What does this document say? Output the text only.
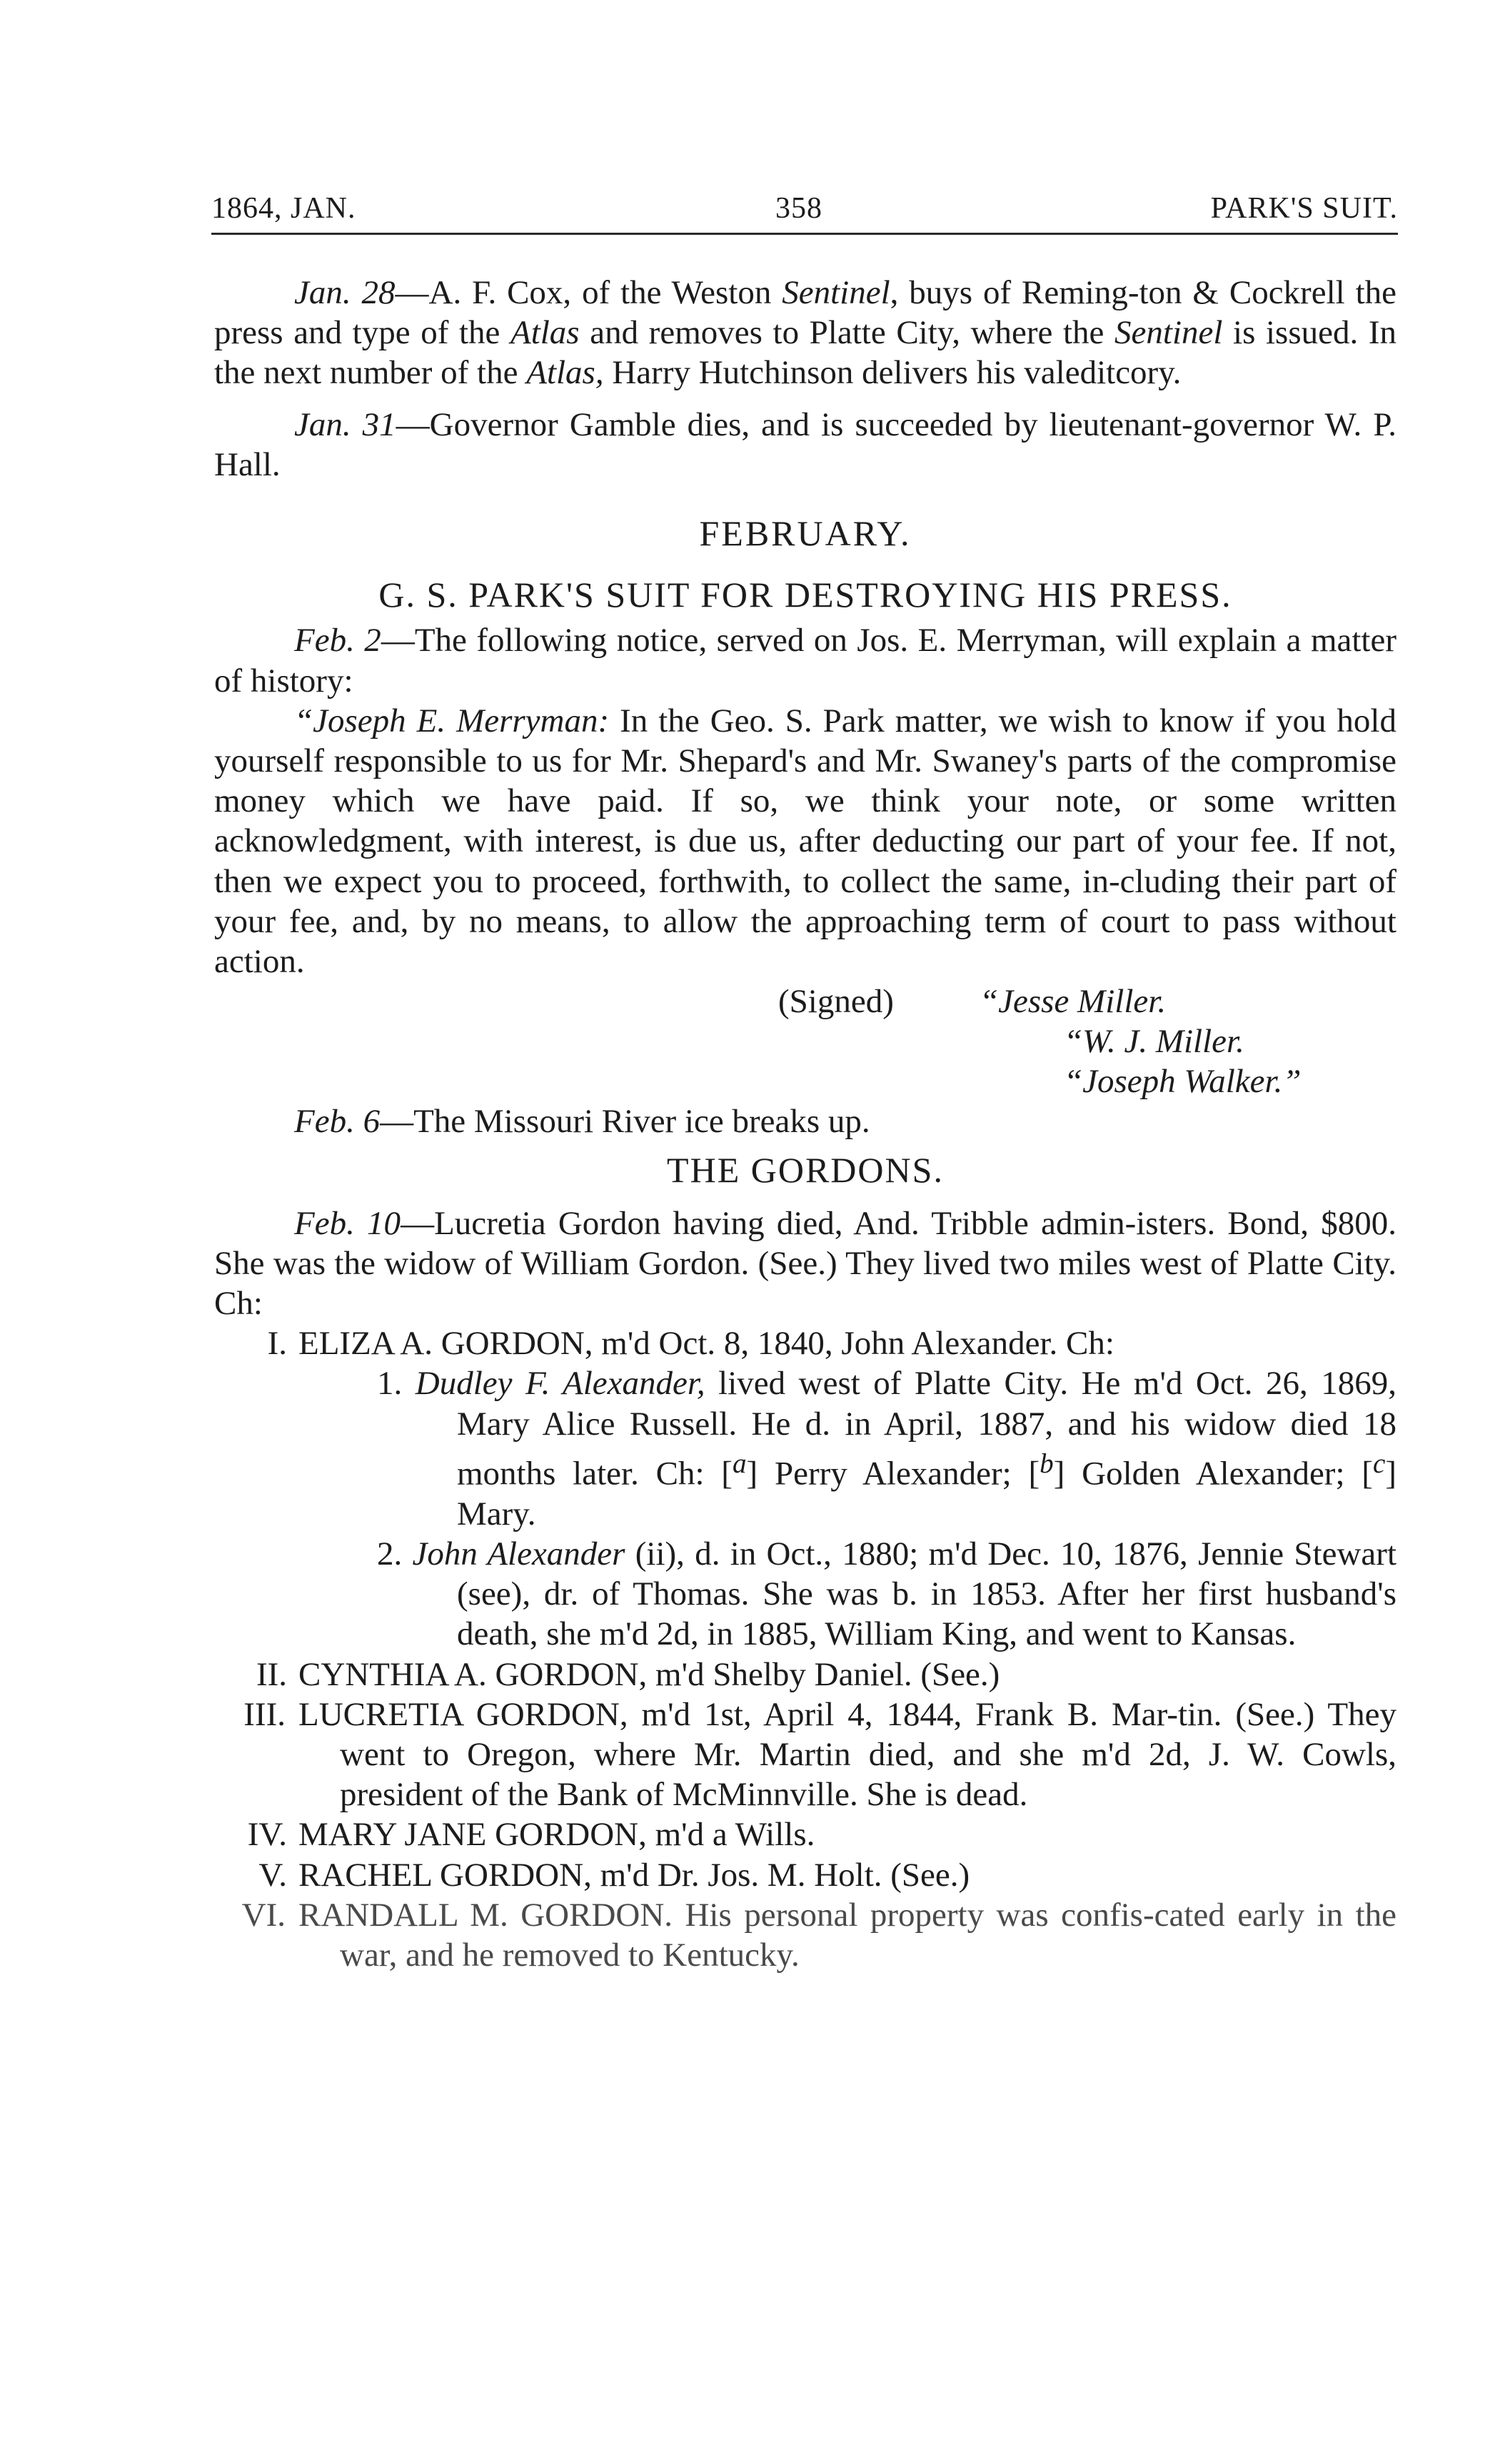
1864, JAN.	358	PARK'S SUIT.

Jan. 28—A. F. Cox, of the Weston Sentinel, buys of Reming-ton & Cockrell the press and type of the Atlas and removes to Platte City, where the Sentinel is issued. In the next number of the Atlas, Harry Hutchinson delivers his valeditcory.

Jan. 31—Governor Gamble dies, and is succeeded by lieutenant-governor W. P. Hall.

FEBRUARY.

G. S. PARK'S SUIT FOR DESTROYING HIS PRESS.

Feb. 2—The following notice, served on Jos. E. Merryman, will explain a matter of history:

“Joseph E. Merryman: In the Geo. S. Park matter, we wish to know if you hold yourself responsible to us for Mr. Shepard's and Mr. Swaney's parts of the compromise money which we have paid. If so, we think your note, or some written acknowledgment, with interest, is due us, after deducting our part of your fee. If not, then we expect you to proceed, forthwith, to collect the same, in-cluding their part of your fee, and, by no means, to allow the approaching term of court to pass without action.

(Signed)	“Jesse Miller.
“W. J. Miller.
“Joseph Walker.”

Feb. 6—The Missouri River ice breaks up.

THE GORDONS.

Feb. 10—Lucretia Gordon having died, And. Tribble admin-isters. Bond, $800. She was the widow of William Gordon. (See.) They lived two miles west of Platte City. Ch:

I. ELIZA A. GORDON, m'd Oct. 8, 1840, John Alexander. Ch:

1. Dudley F. Alexander, lived west of Platte City. He m'd Oct. 26, 1869, Mary Alice Russell. He d. in April, 1887, and his widow died 18 months later. Ch: [$^a$] Perry Alexander; [$^b$] Golden Alexander; [$^c$] Mary.

2. John Alexander (ii), d. in Oct., 1880; m'd Dec. 10, 1876, Jennie Stewart (see), dr. of Thomas. She was b. in 1853. After her first husband's death, she m'd 2d, in 1885, William King, and went to Kansas.

II. CYNTHIA A. GORDON, m'd Shelby Daniel. (See.)

III. LUCRETIA GORDON, m'd 1st, April 4, 1844, Frank B. Mar-tin. (See.) They went to Oregon, where Mr. Martin died, and she m'd 2d, J. W. Cowls, president of the Bank of McMinnville. She is dead.

IV. MARY JANE GORDON, m'd a Wills.

V. RACHEL GORDON, m'd Dr. Jos. M. Holt. (See.)

VI. RANDALL M. GORDON. His personal property was confis-cated early in the war, and he removed to Kentucky.
